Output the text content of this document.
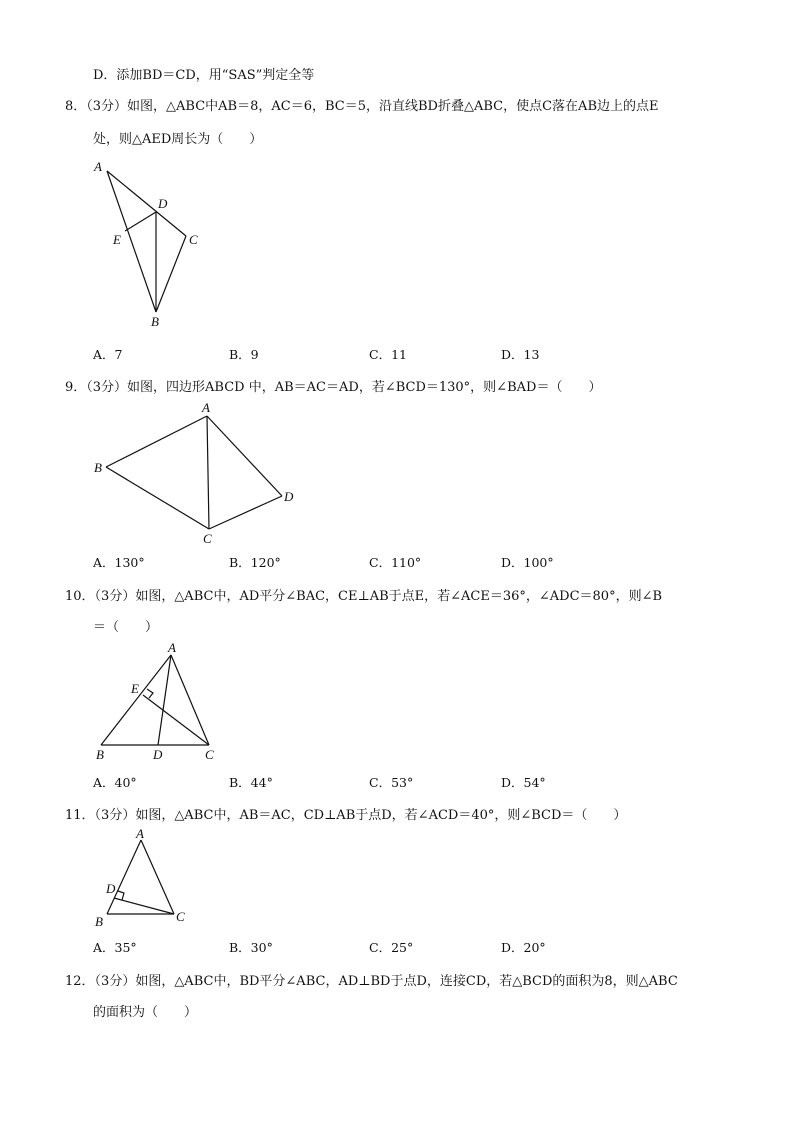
D．添加BD＝CD，用“SAS”判定全等
8．（3分）如图，△ABC中AB＝8，AC＝6，BC＝5，沿直线BD折叠△ABC，使点C落在AB边上的点E
处，则△AED周长为（　　）
A
D
E	C
B
A．7	B．9	C．11	D．13
9．（3分）如图，四边形ABCD 中，AB＝AC＝AD，若∠BCD＝130°，则∠BAD＝（　　）
A
B
D
C
A．130°	B．120°	C．110°	D．100°
10．（3分）如图，△ABC中，AD平分∠BAC，CE⊥AB于点E，若∠ACE＝36°，∠ADC＝80°，则∠B
＝（　　）
A
E
B	D	C
A．40°	B．44°	C．53°	D．54°
11．（3分）如图，△ABC中，AB＝AC，CD⊥AB于点D，若∠ACD＝40°，则∠BCD＝（　　）
A
D
B	C
A．35°	B．30°	C．25°	D．20°
12．（3分）如图，△ABC中，BD平分∠ABC，AD⊥BD于点D，连接CD，若△BCD的面积为8，则△ABC
的面积为（　　）
